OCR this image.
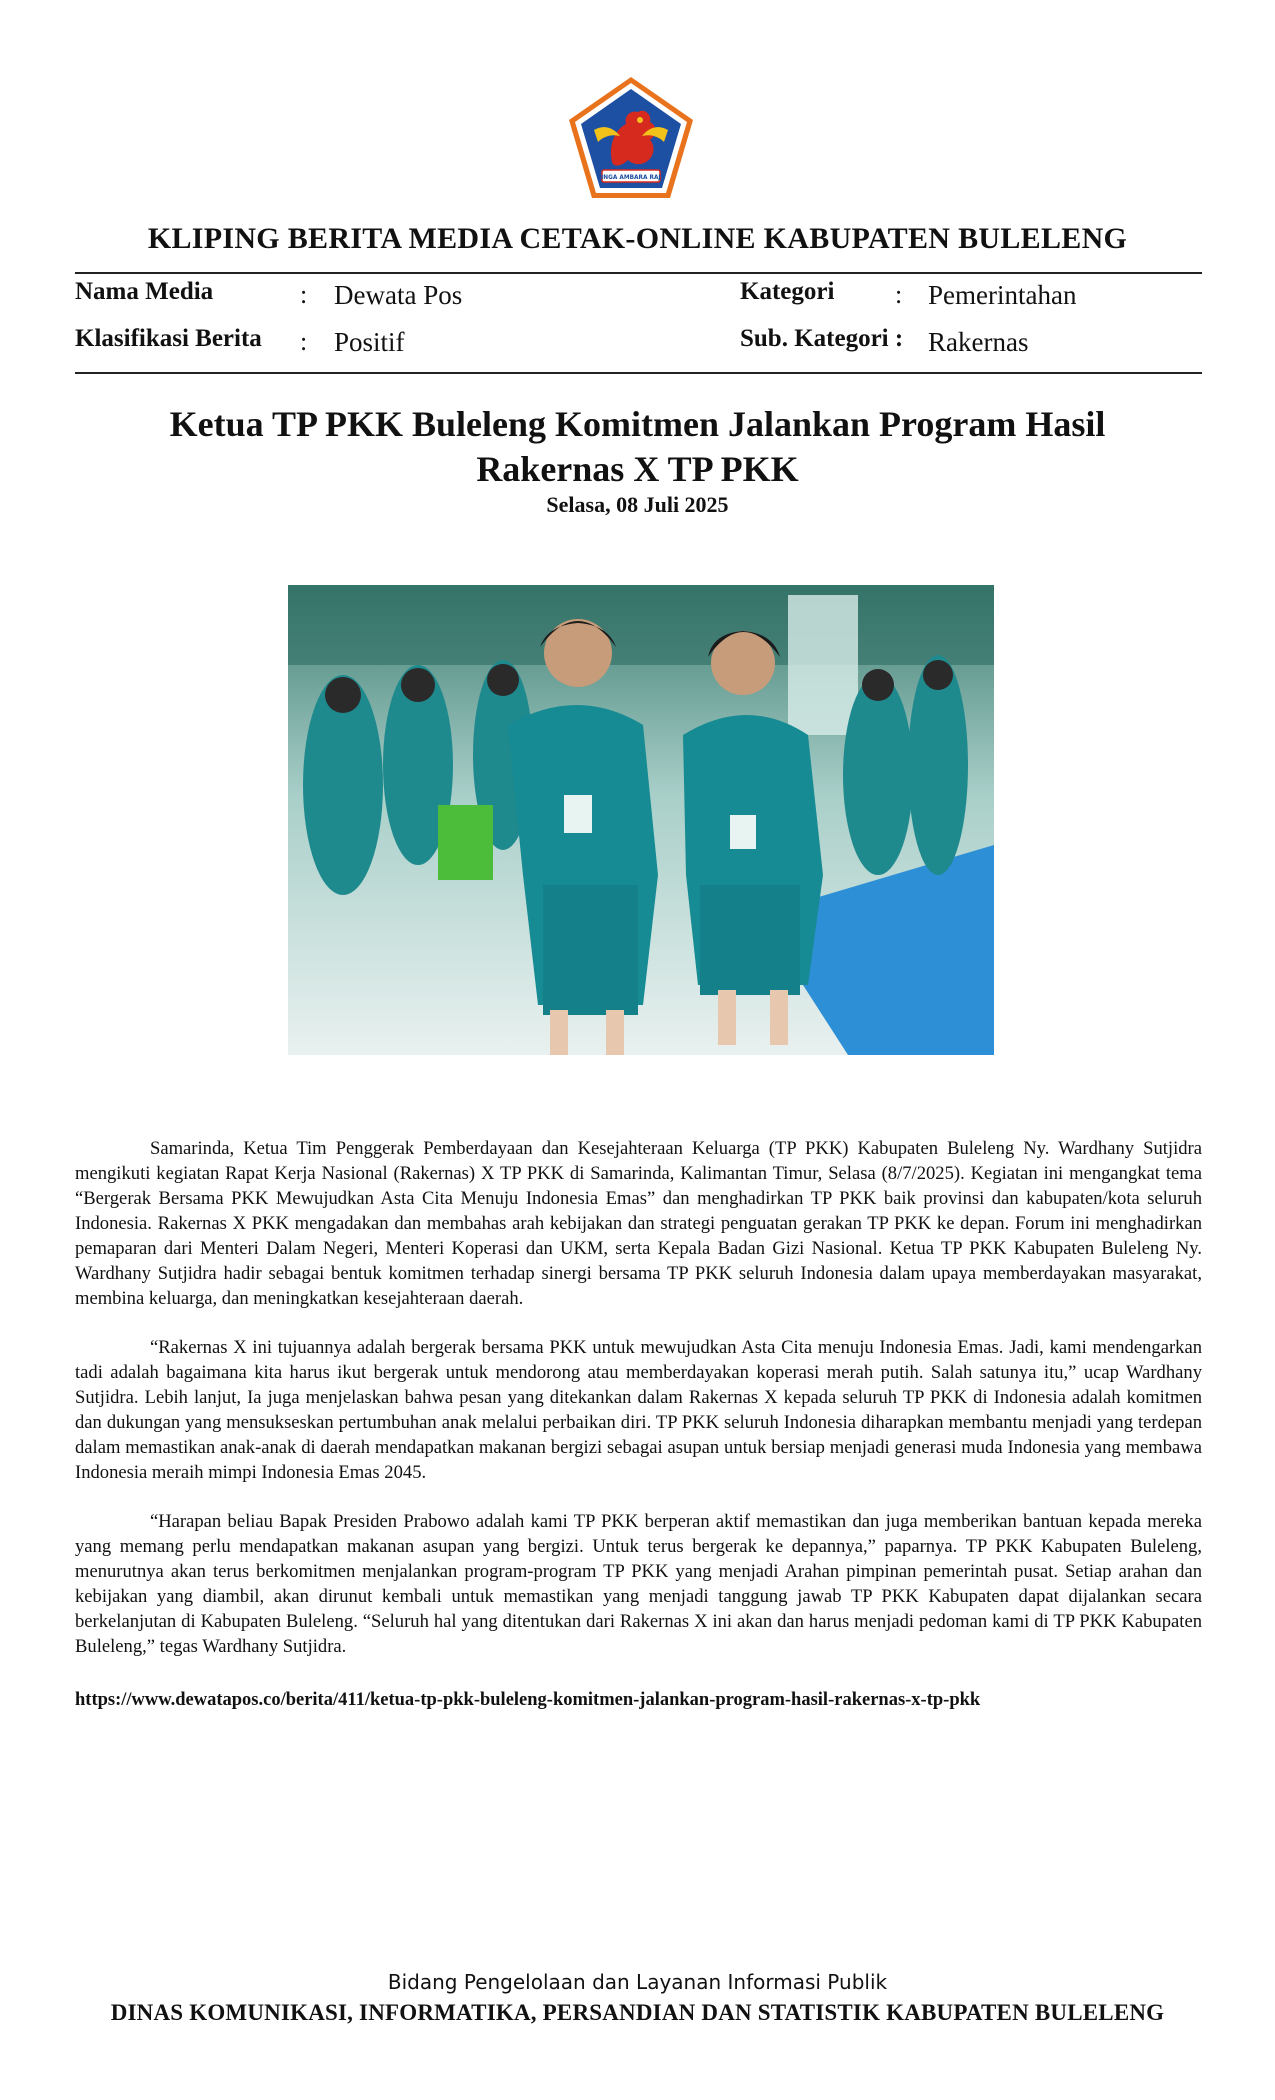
SINGA AMBARA RAJA
KLIPING BERITA MEDIA CETAK-ONLINE KABUPATEN BULELENG
Nama Media	: Dewata Pos	Kategori : Pemerintahan
Klasifikasi Berita : Positif	Sub. Kategori : Rakernas
Ketua TP PKK Buleleng Komitmen Jalankan Program Hasil Rakernas X TP PKK
Selasa, 08 Juli 2025

Samarinda, Ketua Tim Penggerak Pemberdayaan dan Kesejahteraan Keluarga (TP PKK) Kabupaten Buleleng Ny. Wardhany Sutjidra mengikuti kegiatan Rapat Kerja Nasional (Rakernas) X TP PKK di Samarinda, Kalimantan Timur, Selasa (8/7/2025). Kegiatan ini mengangkat tema “Bergerak Bersama PKK Mewujudkan Asta Cita Menuju Indonesia Emas” dan menghadirkan TP PKK baik provinsi dan kabupaten/kota seluruh Indonesia. Rakernas X PKK mengadakan dan membahas arah kebijakan dan strategi penguatan gerakan TP PKK ke depan. Forum ini menghadirkan pemaparan dari Menteri Dalam Negeri, Menteri Koperasi dan UKM, serta Kepala Badan Gizi Nasional. Ketua TP PKK Kabupaten Buleleng Ny. Wardhany Sutjidra hadir sebagai bentuk komitmen terhadap sinergi bersama TP PKK seluruh Indonesia dalam upaya memberdayakan masyarakat, membina keluarga, dan meningkatkan kesejahteraan daerah.

“Rakernas X ini tujuannya adalah bergerak bersama PKK untuk mewujudkan Asta Cita menuju Indonesia Emas. Jadi, kami mendengarkan tadi adalah bagaimana kita harus ikut bergerak untuk mendorong atau memberdayakan koperasi merah putih. Salah satunya itu,” ucap Wardhany Sutjidra. Lebih lanjut, Ia juga menjelaskan bahwa pesan yang ditekankan dalam Rakernas X kepada seluruh TP PKK di Indonesia adalah komitmen dan dukungan yang mensukseskan pertumbuhan anak melalui perbaikan diri. TP PKK seluruh Indonesia diharapkan membantu menjadi yang terdepan dalam memastikan anak-anak di daerah mendapatkan makanan bergizi sebagai asupan untuk bersiap menjadi generasi muda Indonesia yang membawa Indonesia meraih mimpi Indonesia Emas 2045.

“Harapan beliau Bapak Presiden Prabowo adalah kami TP PKK berperan aktif memastikan dan juga memberikan bantuan kepada mereka yang memang perlu mendapatkan makanan asupan yang bergizi. Untuk terus bergerak ke depannya,” paparnya. TP PKK Kabupaten Buleleng, menurutnya akan terus berkomitmen menjalankan program-program TP PKK yang menjadi Arahan pimpinan pemerintah pusat. Setiap arahan dan kebijakan yang diambil, akan dirunut kembali untuk memastikan yang menjadi tanggung jawab TP PKK Kabupaten dapat dijalankan secara berkelanjutan di Kabupaten Buleleng. “Seluruh hal yang ditentukan dari Rakernas X ini akan dan harus menjadi pedoman kami di TP PKK Kabupaten Buleleng,” tegas Wardhany Sutjidra.

https://www.dewatapos.co/berita/411/ketua-tp-pkk-buleleng-komitmen-jalankan-program-hasil-rakernas-x-tp-pkk
Bidang Pengelolaan dan Layanan Informasi Publik
DINAS KOMUNIKASI, INFORMATIKA, PERSANDIAN DAN STATISTIK KABUPATEN BULELENG
